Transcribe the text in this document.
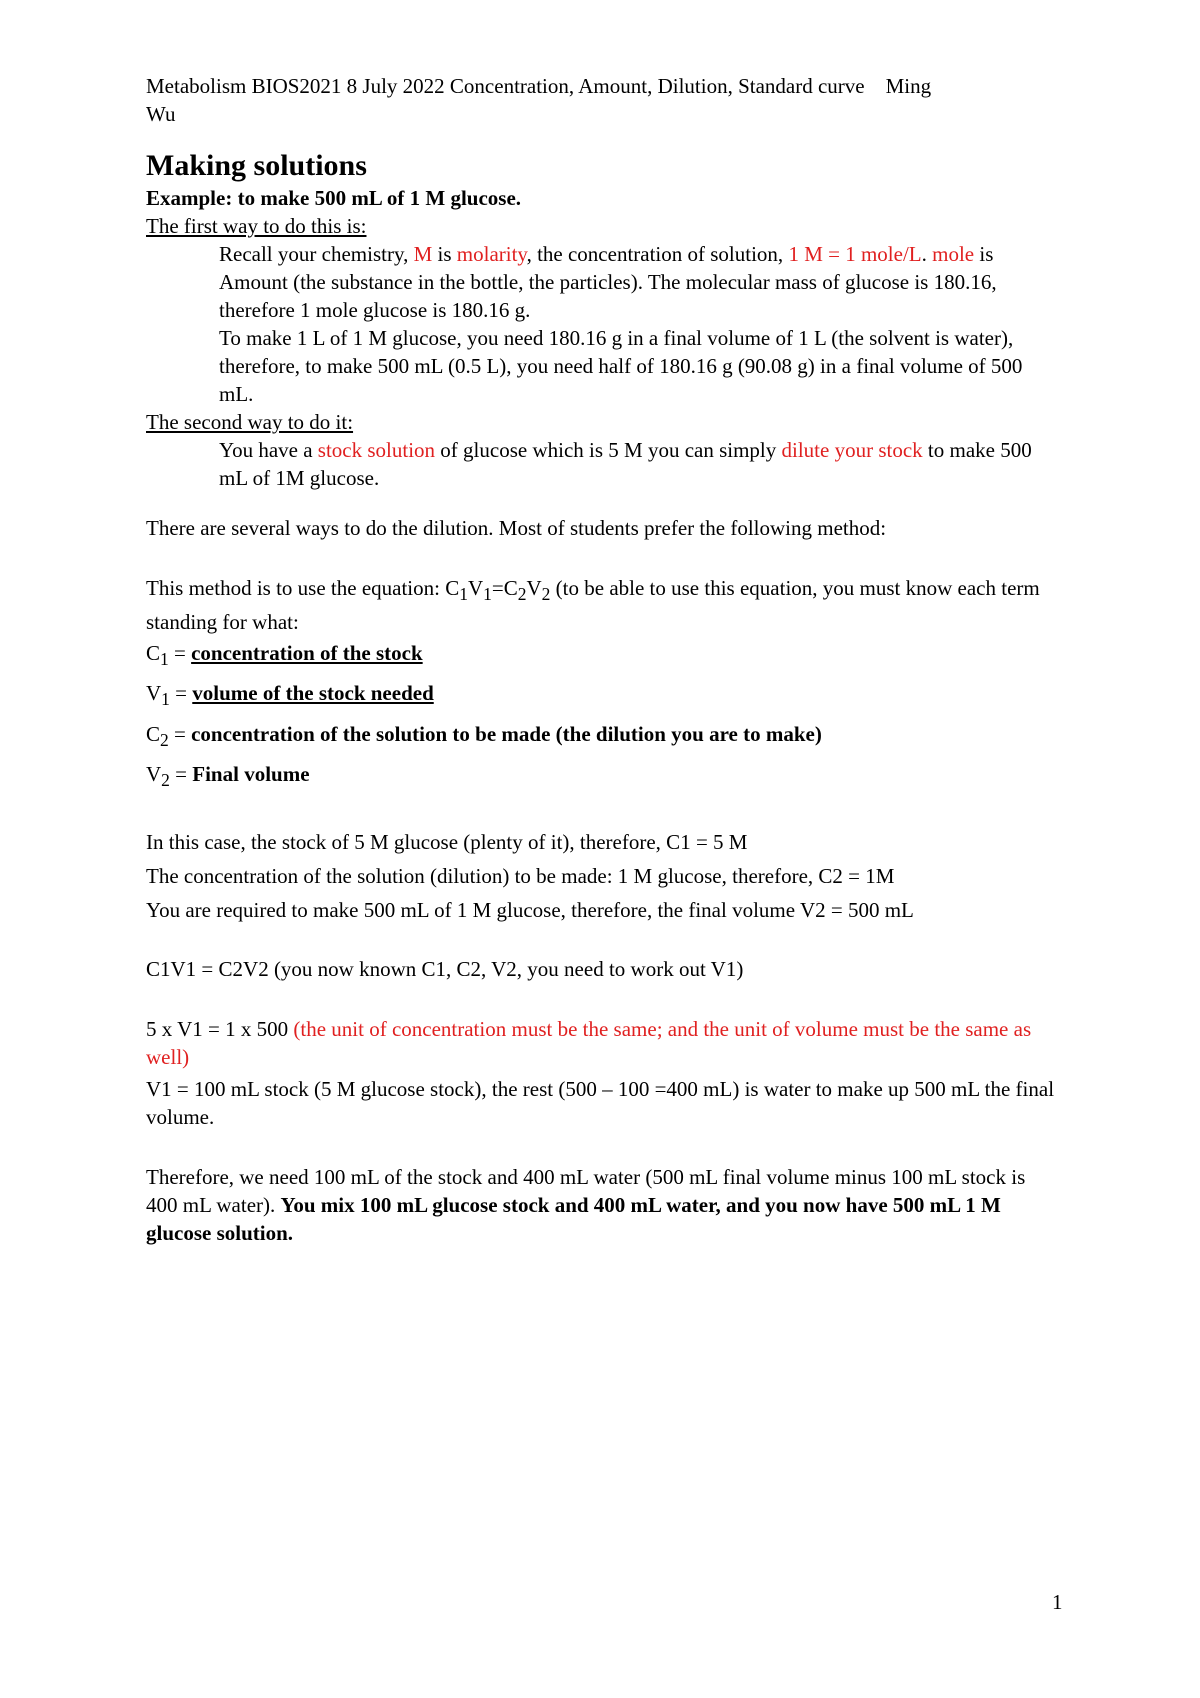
Metabolism BIOS2021 8 July 2022 Concentration, Amount, Dilution, Standard curve    Ming
Wu

Making solutions

Example: to make 500 mL of 1 M glucose.

The first way to do this is:

Recall your chemistry, M is molarity, the concentration of solution, 1 M = 1 mole/L. mole is Amount (the substance in the bottle, the particles). The molecular mass of glucose is 180.16, therefore 1 mole glucose is 180.16 g.

To make 1 L of 1 M glucose, you need 180.16 g in a final volume of 1 L (the solvent is water), therefore, to make 500 mL (0.5 L), you need half of 180.16 g (90.08 g) in a final volume of 500 mL.

The second way to do it:

You have a stock solution of glucose which is 5 M you can simply dilute your stock to make 500 mL of 1M glucose.

There are several ways to do the dilution. Most of students prefer the following method:

This method is to use the equation: $C_1V_1=C_2V_2$ (to be able to use this equation, you must know each term standing for what:

$C_1$ = concentration of the stock

$V_1$ = volume of the stock needed

$C_2$ = concentration of the solution to be made (the dilution you are to make)

$V_2$ = Final volume

In this case, the stock of 5 M glucose (plenty of it), therefore, C1 = 5 M

The concentration of the solution (dilution) to be made: 1 M glucose, therefore, C2 = 1M

You are required to make 500 mL of 1 M glucose, therefore, the final volume V2 = 500 mL

C1V1 = C2V2 (you now known C1, C2, V2, you need to work out V1)

5 x V1 = 1 x 500 (the unit of concentration must be the same; and the unit of volume must be the same as well)

V1 = 100 mL stock (5 M glucose stock), the rest (500 – 100 =400 mL) is water to make up 500 mL the final volume.

Therefore, we need 100 mL of the stock and 400 mL water (500 mL final volume minus 100 mL stock is 400 mL water). You mix 100 mL glucose stock and 400 mL water, and you now have 500 mL 1 M glucose solution.

1
